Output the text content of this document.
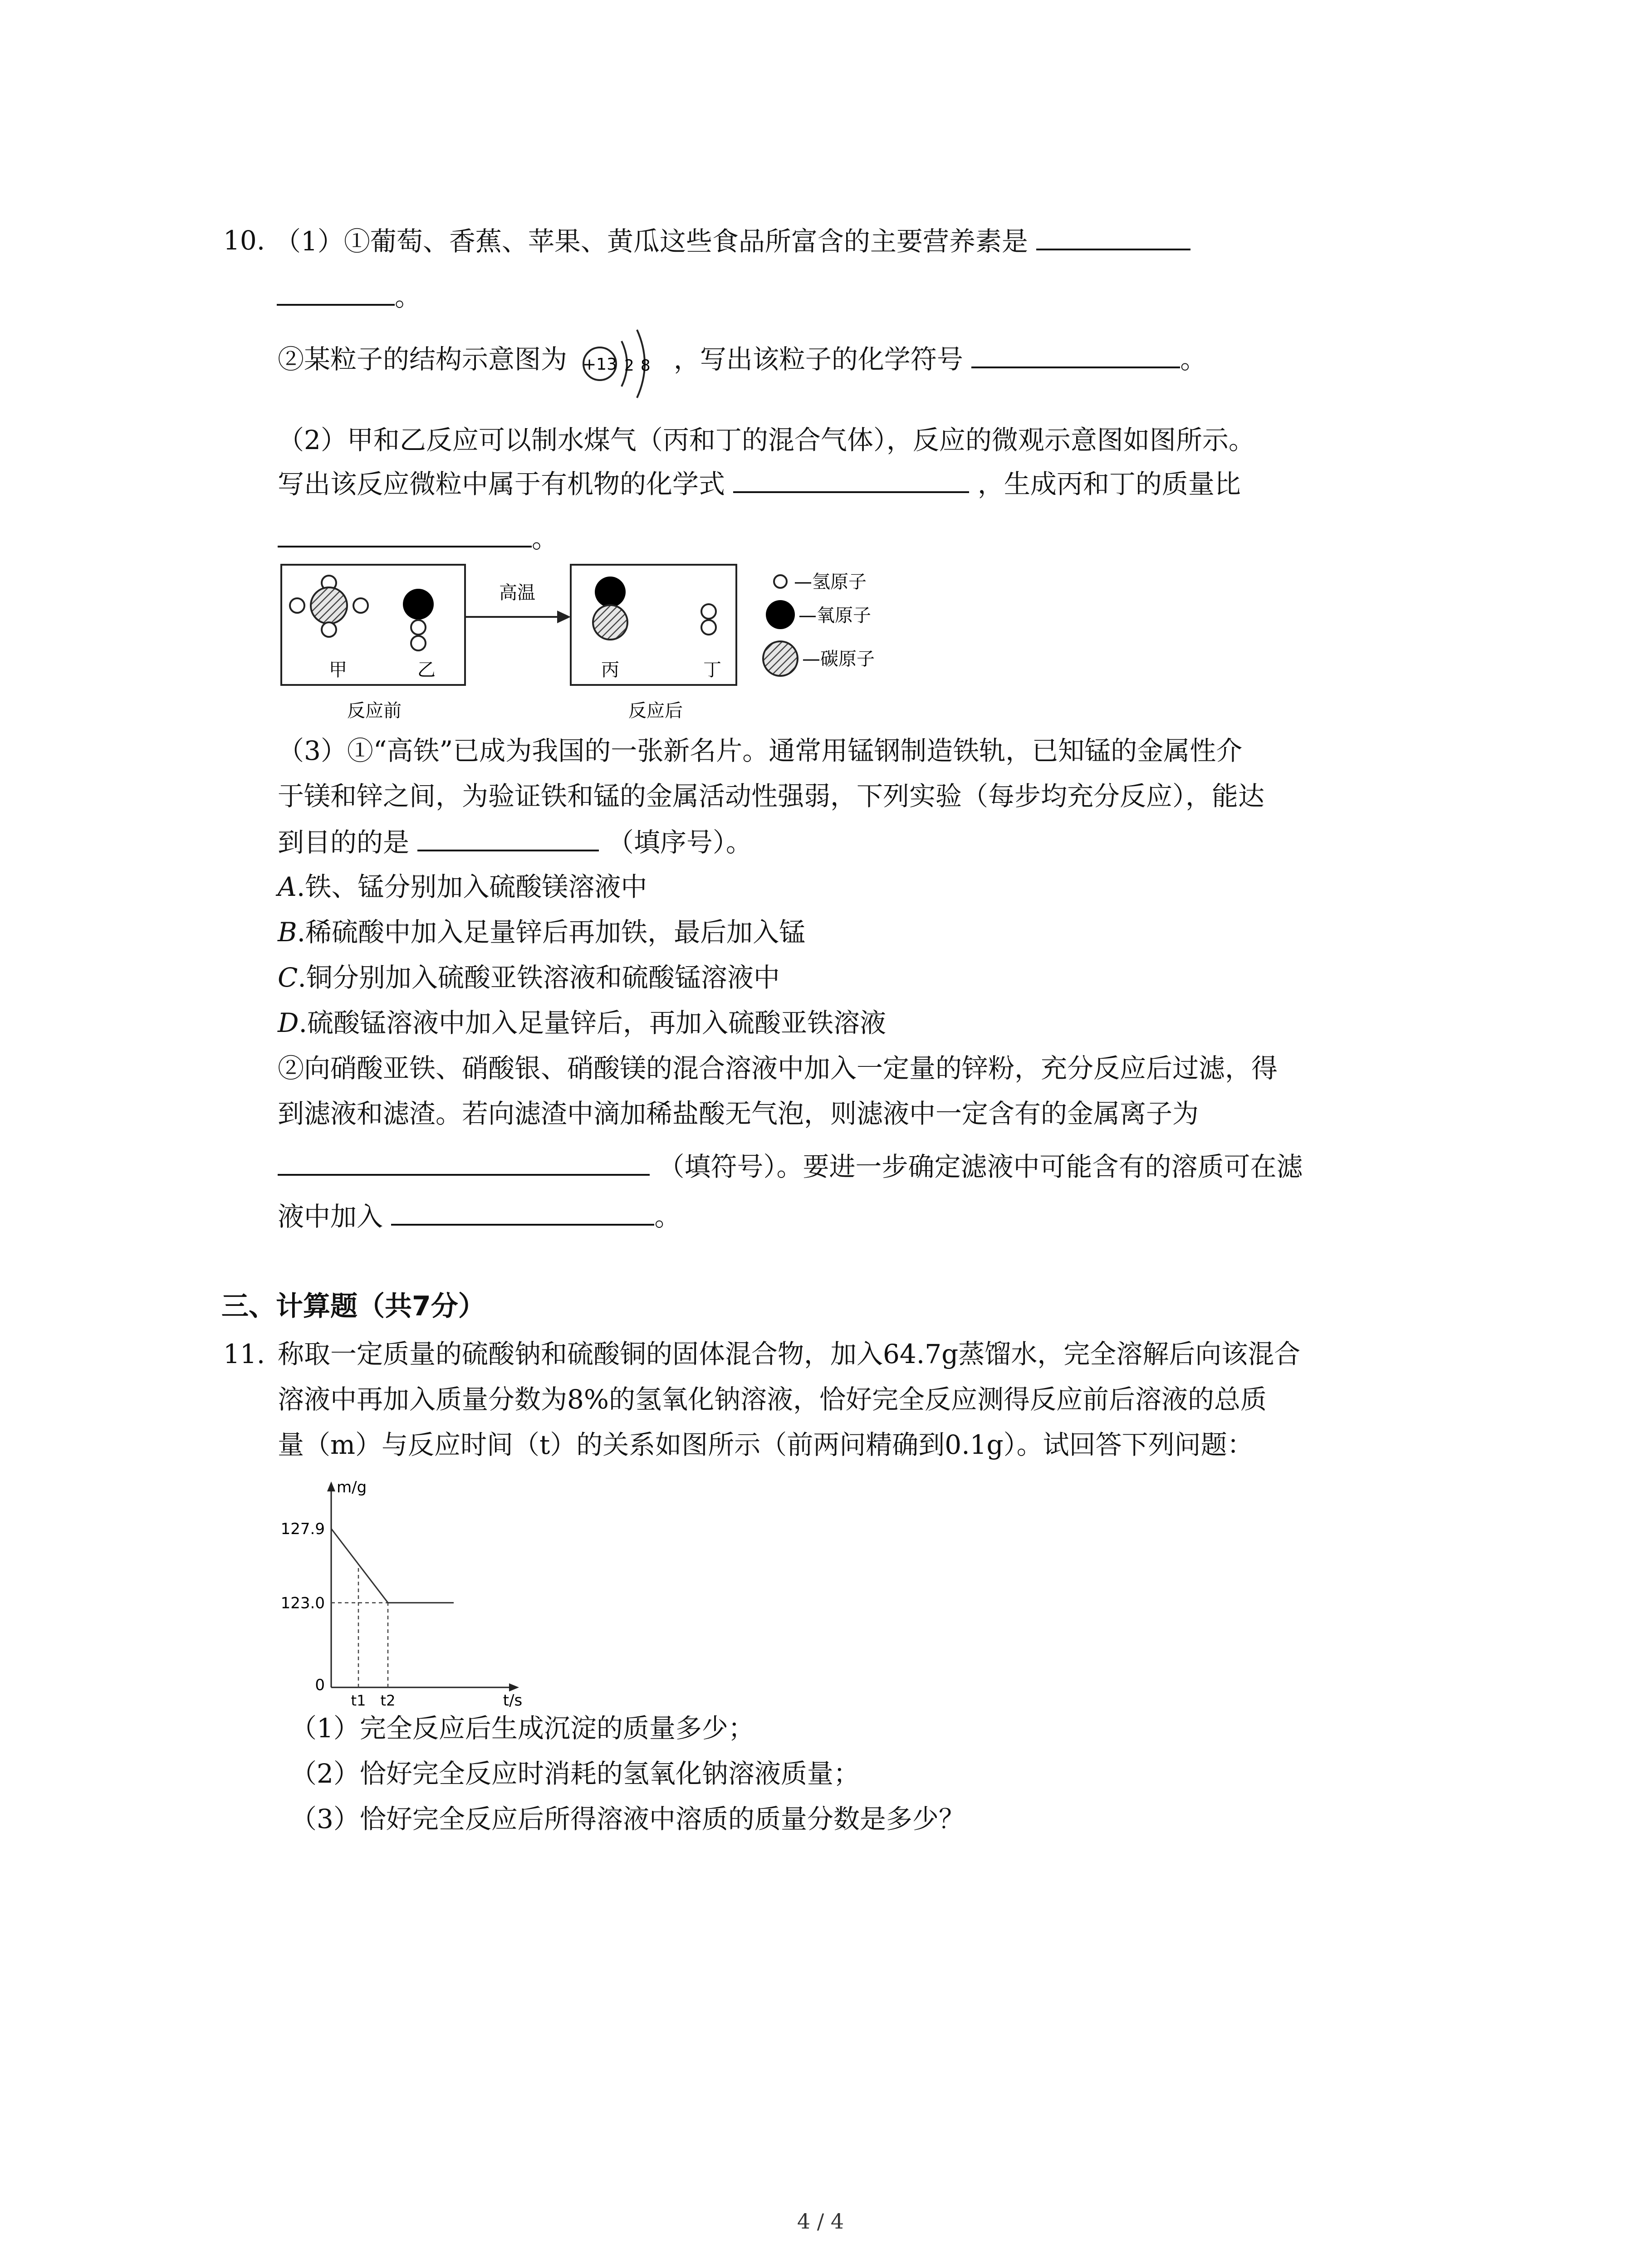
10. （1）①葡萄、香蕉、苹果、黄瓜这些食品所富含的主要营养素是
。
②某粒子的结构示意图为 +13 2 8 ，写出该粒子的化学符号	。
（2）甲和乙反应可以制水煤气（丙和丁的混合气体），反应的微观示意图如图所示。
写出该反应微粒中属于有机物的化学式	，生成丙和丁的质量比
。
甲	乙
反应前
高温
丙	丁
反应后
—氢原子
—氧原子
—碳原子
（3）①“高铁”已成为我国的一张新名片。通常用锰钢制造铁轨，已知锰的金属性介
于镁和锌之间，为验证铁和锰的金属活动性强弱，下列实验（每步均充分反应），能达
到目的的是	（填序号）。
A.铁、锰分别加入硫酸镁溶液中
B.稀硫酸中加入足量锌后再加铁，最后加入锰
C.铜分别加入硫酸亚铁溶液和硫酸锰溶液中
D.硫酸锰溶液中加入足量锌后，再加入硫酸亚铁溶液
②向硝酸亚铁、硝酸银、硝酸镁的混合溶液中加入一定量的锌粉，充分反应后过滤，得
到滤液和滤渣。若向滤渣中滴加稀盐酸无气泡，则滤液中一定含有的金属离子为
（填符号）。要进一步确定滤液中可能含有的溶质可在滤
液中加入	。
三、计算题（共7分）
11. 称取一定质量的硫酸钠和硫酸铜的固体混合物，加入64.7g蒸馏水，完全溶解后向该混合
溶液中再加入质量分数为8%的氢氧化钠溶液，恰好完全反应测得反应前后溶液的总质
量（m）与反应时间（t）的关系如图所示（前两问精确到0.1g）。试回答下列问题：
m/g
127.9
123.0
0
t1 t2	t/s
（1）完全反应后生成沉淀的质量多少；
（2）恰好完全反应时消耗的氢氧化钠溶液质量；
（3）恰好完全反应后所得溶液中溶质的质量分数是多少？
4 / 4
